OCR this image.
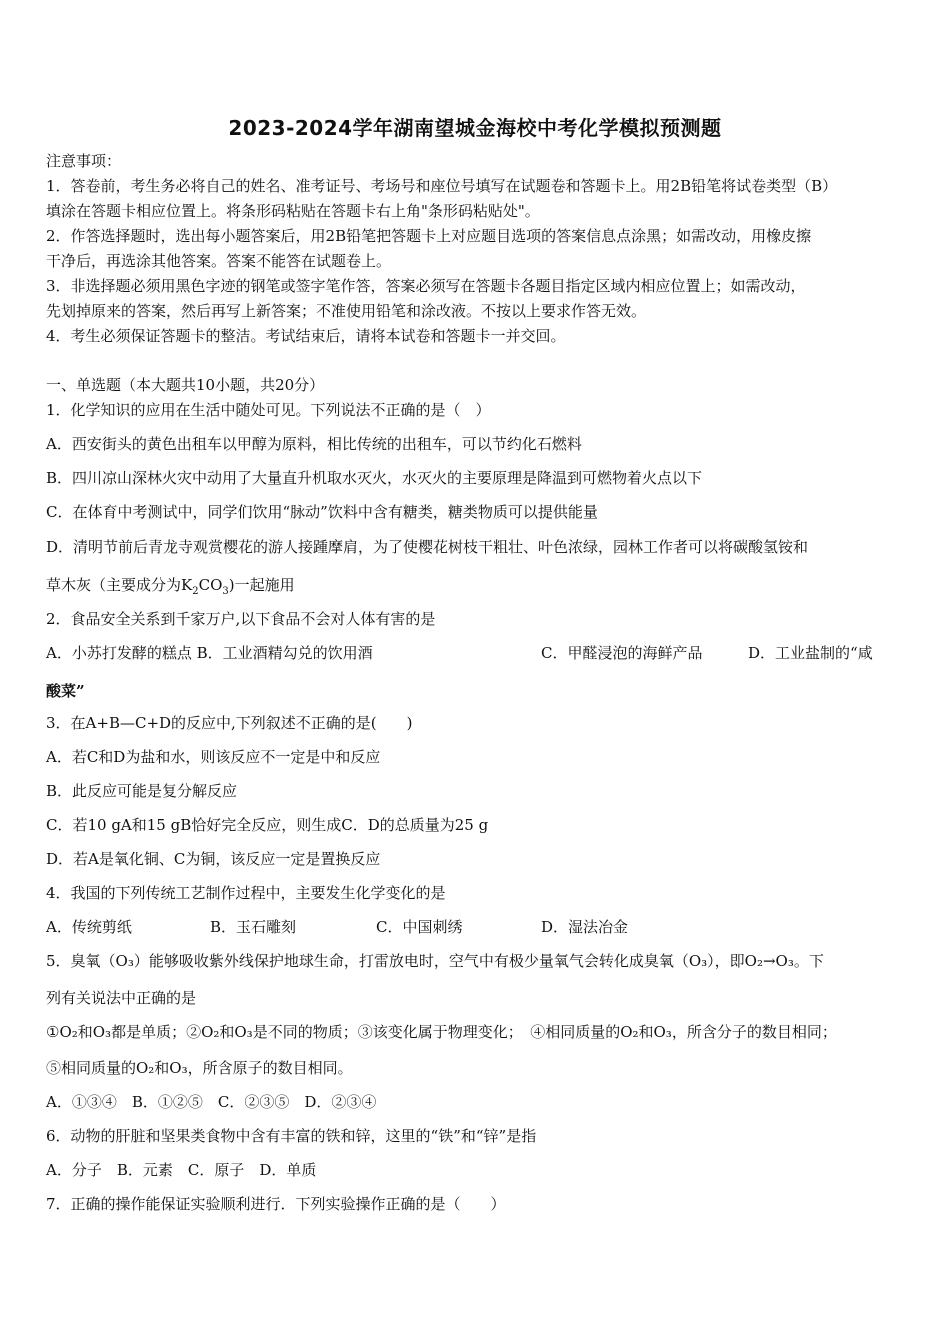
2023-2024学年湖南望城金海校中考化学模拟预测题
注意事项：
1．答卷前，考生务必将自己的姓名、准考证号、考场号和座位号填写在试题卷和答题卡上。用2B铅笔将试卷类型（B）
填涂在答题卡相应位置上。将条形码粘贴在答题卡右上角"条形码粘贴处"。
2．作答选择题时，选出每小题答案后，用2B铅笔把答题卡上对应题目选项的答案信息点涂黑；如需改动，用橡皮擦
干净后，再选涂其他答案。答案不能答在试题卷上。
3．非选择题必须用黑色字迹的钢笔或签字笔作答，答案必须写在答题卡各题目指定区域内相应位置上；如需改动，
先划掉原来的答案，然后再写上新答案；不准使用铅笔和涂改液。不按以上要求作答无效。
4．考生必须保证答题卡的整洁。考试结束后，请将本试卷和答题卡一并交回。
一、单选题（本大题共10小题，共20分）
1．化学知识的应用在生活中随处可见。下列说法不正确的是（　）
A．西安街头的黄色出租车以甲醇为原料，相比传统的出租车，可以节约化石燃料
B．四川凉山深林火灾中动用了大量直升机取水灭火，水灭火的主要原理是降温到可燃物着火点以下
C．在体育中考测试中，同学们饮用“脉动”饮料中含有糖类，糖类物质可以提供能量
D．清明节前后青龙寺观赏樱花的游人接踵摩肩，为了使樱花树枝干粗壮、叶色浓绿，园林工作者可以将碳酸氢铵和
草木灰（主要成分为$K_2CO_3$)一起施用
2．食品安全关系到千家万户,以下食品不会对人体有害的是
A．小苏打发酵的糕点 B．工业酒精勾兑的饮用酒	C．甲醛浸泡的海鲜产品	D．工业盐制的“咸
酸菜”
3．在A+B—C+D的反应中,下列叙述不正确的是(　　)
A．若C和D为盐和水，则该反应不一定是中和反应
B．此反应可能是复分解反应
C．若10 gA和15 gB恰好完全反应，则生成C．D的总质量为25 g
D．若A是氧化铜、C为铜，该反应一定是置换反应
4．我国的下列传统工艺制作过程中，主要发生化学变化的是
A．传统剪纸	B．玉石雕刻	C．中国刺绣	D．湿法冶金
5．臭氧（O₃）能够吸收紫外线保护地球生命，打雷放电时，空气中有极少量氧气会转化成臭氧（O₃），即O₂→O₃。下
列有关说法中正确的是
①O₂和O₃都是单质；②O₂和O₃是不同的物质；③该变化属于物理变化；　④相同质量的O₂和O₃，所含分子的数目相同；
⑤相同质量的O₂和O₃，所含原子的数目相同。
A．①③④　B．①②⑤　C．②③⑤　D．②③④
6．动物的肝脏和坚果类食物中含有丰富的铁和锌，这里的“铁”和“锌”是指
A．分子　B．元素　C．原子　D．单质
7．正确的操作能保证实验顺利进行．下列实验操作正确的是（　　）
